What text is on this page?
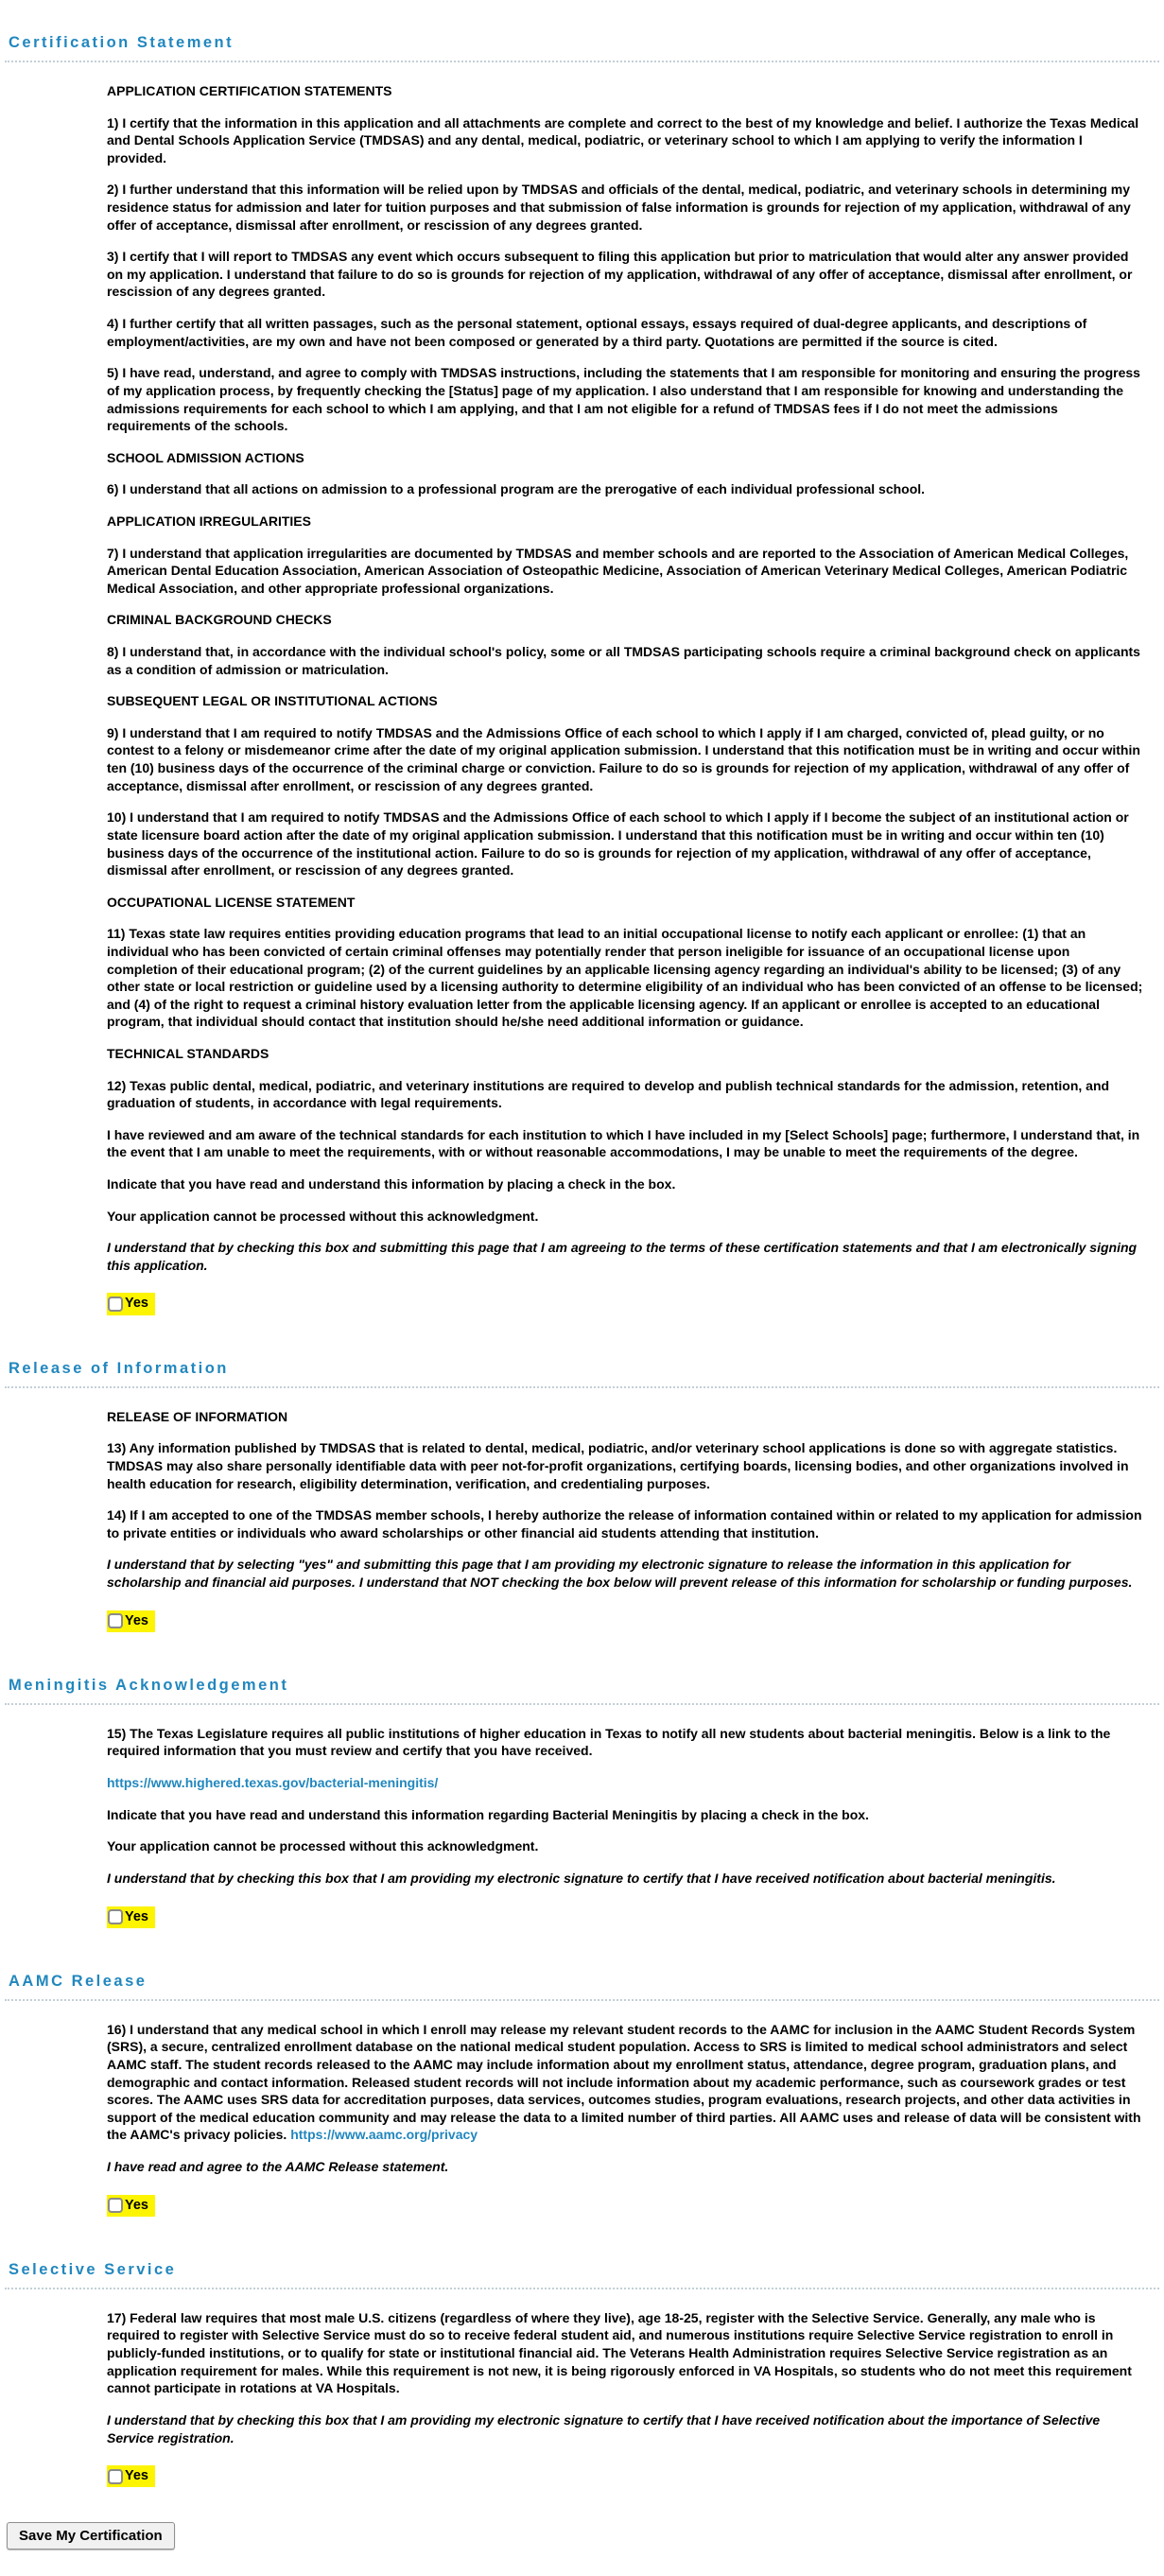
Certification Statement

APPLICATION CERTIFICATION STATEMENTS

1) I certify that the information in this application and all attachments are complete and correct to the best of my knowledge and belief. I authorize the Texas Medical and Dental Schools Application Service (TMDSAS) and any dental, medical, podiatric, or veterinary school to which I am applying to verify the information I provided.

2) I further understand that this information will be relied upon by TMDSAS and officials of the dental, medical, podiatric, and veterinary schools in determining my residence status for admission and later for tuition purposes and that submission of false information is grounds for rejection of my application, withdrawal of any offer of acceptance, dismissal after enrollment, or rescission of any degrees granted.

3) I certify that I will report to TMDSAS any event which occurs subsequent to filing this application but prior to matriculation that would alter any answer provided on my application. I understand that failure to do so is grounds for rejection of my application, withdrawal of any offer of acceptance, dismissal after enrollment, or rescission of any degrees granted.

4) I further certify that all written passages, such as the personal statement, optional essays, essays required of dual-degree applicants, and descriptions of employment/activities, are my own and have not been composed or generated by a third party. Quotations are permitted if the source is cited.

5) I have read, understand, and agree to comply with TMDSAS instructions, including the statements that I am responsible for monitoring and ensuring the progress of my application process, by frequently checking the [Status] page of my application. I also understand that I am responsible for knowing and understanding the admissions requirements for each school to which I am applying, and that I am not eligible for a refund of TMDSAS fees if I do not meet the admissions requirements of the schools.

SCHOOL ADMISSION ACTIONS

6) I understand that all actions on admission to a professional program are the prerogative of each individual professional school.

APPLICATION IRREGULARITIES

7) I understand that application irregularities are documented by TMDSAS and member schools and are reported to the Association of American Medical Colleges, American Dental Education Association, American Association of Osteopathic Medicine, Association of American Veterinary Medical Colleges, American Podiatric Medical Association, and other appropriate professional organizations.

CRIMINAL BACKGROUND CHECKS

8) I understand that, in accordance with the individual school's policy, some or all TMDSAS participating schools require a criminal background check on applicants as a condition of admission or matriculation.

SUBSEQUENT LEGAL OR INSTITUTIONAL ACTIONS

9) I understand that I am required to notify TMDSAS and the Admissions Office of each school to which I apply if I am charged, convicted of, plead guilty, or no contest to a felony or misdemeanor crime after the date of my original application submission. I understand that this notification must be in writing and occur within ten (10) business days of the occurrence of the criminal charge or conviction. Failure to do so is grounds for rejection of my application, withdrawal of any offer of acceptance, dismissal after enrollment, or rescission of any degrees granted.

10) I understand that I am required to notify TMDSAS and the Admissions Office of each school to which I apply if I become the subject of an institutional action or state licensure board action after the date of my original application submission. I understand that this notification must be in writing and occur within ten (10) business days of the occurrence of the institutional action. Failure to do so is grounds for rejection of my application, withdrawal of any offer of acceptance, dismissal after enrollment, or rescission of any degrees granted.

OCCUPATIONAL LICENSE STATEMENT

11) Texas state law requires entities providing education programs that lead to an initial occupational license to notify each applicant or enrollee: (1) that an individual who has been convicted of certain criminal offenses may potentially render that person ineligible for issuance of an occupational license upon completion of their educational program; (2) of the current guidelines by an applicable licensing agency regarding an individual's ability to be licensed; (3) of any other state or local restriction or guideline used by a licensing authority to determine eligibility of an individual who has been convicted of an offense to be licensed; and (4) of the right to request a criminal history evaluation letter from the applicable licensing agency. If an applicant or enrollee is accepted to an educational program, that individual should contact that institution should he/she need additional information or guidance.

TECHNICAL STANDARDS

12) Texas public dental, medical, podiatric, and veterinary institutions are required to develop and publish technical standards for the admission, retention, and graduation of students, in accordance with legal requirements.

I have reviewed and am aware of the technical standards for each institution to which I have included in my [Select Schools] page; furthermore, I understand that, in the event that I am unable to meet the requirements, with or without reasonable accommodations, I may be unable to meet the requirements of the degree.

Indicate that you have read and understand this information by placing a check in the box.

Your application cannot be processed without this acknowledgment.

I understand that by checking this box and submitting this page that I am agreeing to the terms of these certification statements and that I am electronically signing this application.

Yes
Release of Information

RELEASE OF INFORMATION

13) Any information published by TMDSAS that is related to dental, medical, podiatric, and/or veterinary school applications is done so with aggregate statistics. TMDSAS may also share personally identifiable data with peer not-for-profit organizations, certifying boards, licensing bodies, and other organizations involved in health education for research, eligibility determination, verification, and credentialing purposes.

14) If I am accepted to one of the TMDSAS member schools, I hereby authorize the release of information contained within or related to my application for admission to private entities or individuals who award scholarships or other financial aid students attending that institution.

I understand that by selecting "yes" and submitting this page that I am providing my electronic signature to release the information in this application for scholarship and financial aid purposes. I understand that NOT checking the box below will prevent release of this information for scholarship or funding purposes.

Yes
Meningitis Acknowledgement

15) The Texas Legislature requires all public institutions of higher education in Texas to notify all new students about bacterial meningitis. Below is a link to the required information that you must review and certify that you have received.

https://www.highered.texas.gov/bacterial-meningitis/

Indicate that you have read and understand this information regarding Bacterial Meningitis by placing a check in the box.

Your application cannot be processed without this acknowledgment.

I understand that by checking this box that I am providing my electronic signature to certify that I have received notification about bacterial meningitis.

Yes
AAMC Release

16) I understand that any medical school in which I enroll may release my relevant student records to the AAMC for inclusion in the AAMC Student Records System (SRS), a secure, centralized enrollment database on the national medical student population. Access to SRS is limited to medical school administrators and select AAMC staff. The student records released to the AAMC may include information about my enrollment status, attendance, degree program, graduation plans, and demographic and contact information. Released student records will not include information about my academic performance, such as coursework grades or test scores. The AAMC uses SRS data for accreditation purposes, data services, outcomes studies, program evaluations, research projects, and other data activities in support of the medical education community and may release the data to a limited number of third parties. All AAMC uses and release of data will be consistent with the AAMC's privacy policies. https://www.aamc.org/privacy

I have read and agree to the AAMC Release statement.

Yes
Selective Service

17) Federal law requires that most male U.S. citizens (regardless of where they live), age 18-25, register with the Selective Service. Generally, any male who is required to register with Selective Service must do so to receive federal student aid, and numerous institutions require Selective Service registration to enroll in publicly-funded institutions, or to qualify for state or institutional financial aid. The Veterans Health Administration requires Selective Service registration as an application requirement for males. While this requirement is not new, it is being rigorously enforced in VA Hospitals, so students who do not meet this requirement cannot participate in rotations at VA Hospitals.

I understand that by checking this box that I am providing my electronic signature to certify that I have received notification about the importance of Selective Service registration.

Yes
Save My Certification
